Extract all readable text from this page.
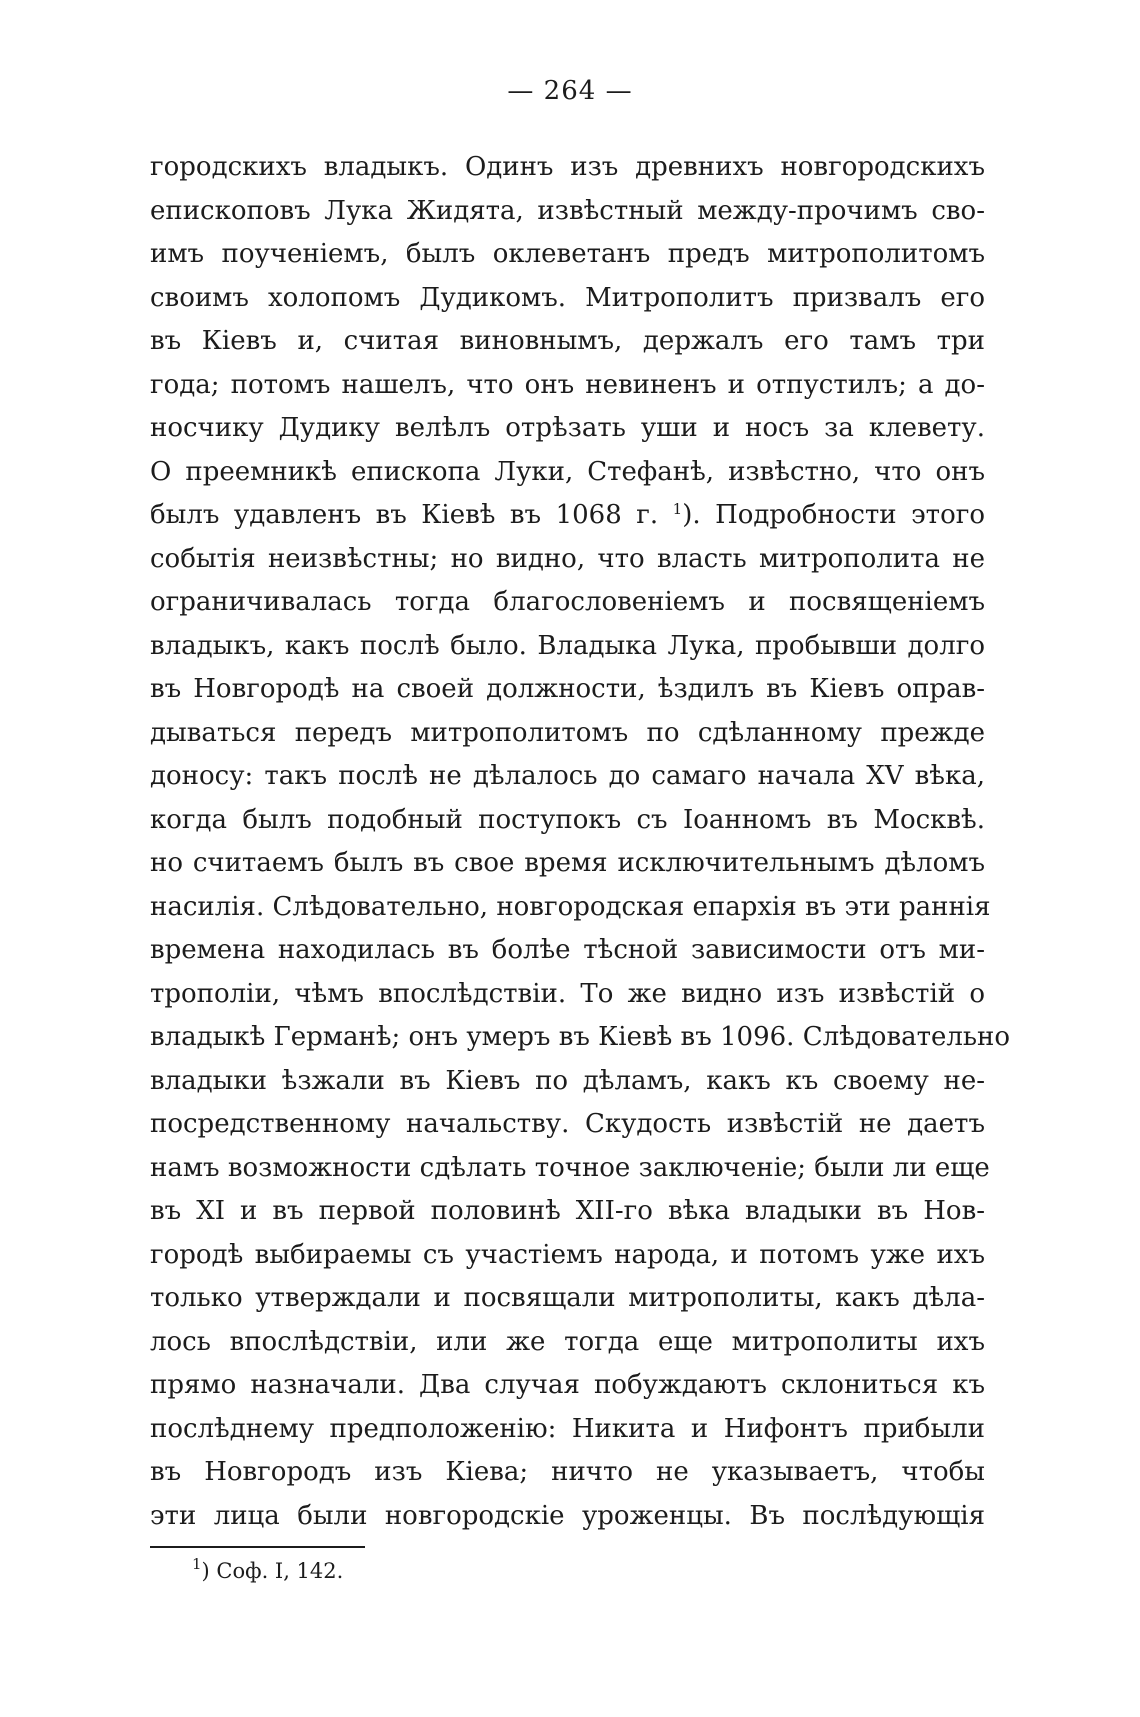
— 264 —
городскихъ владыкъ. Одинъ изъ древнихъ новгородскихъ
епископовъ Лука Жидята, извѣстный между-прочимъ сво-
имъ поученіемъ, былъ оклеветанъ предъ митрополитомъ
своимъ холопомъ Дудикомъ. Митрополитъ призвалъ его
въ Кіевъ и, считая виновнымъ, держалъ его тамъ три
года; потомъ нашелъ, что онъ невиненъ и отпустилъ; а до-
носчику Дудику велѣлъ отрѣзать уши и носъ за клевету.
О преемникѣ епископа Луки, Стефанѣ, извѣстно, что онъ
былъ удавленъ въ Кіевѣ въ 1068 г. $^1$). Подробности этого
событія неизвѣстны; но видно, что власть митрополита не
ограничивалась тогда благословеніемъ и посвященіемъ
владыкъ, какъ послѣ было. Владыка Лука, пробывши долго
въ Новгородѣ на своей должности, ѣздилъ въ Кіевъ оправ-
дываться передъ митрополитомъ по сдѣланному прежде
доносу: такъ послѣ не дѣлалось до самаго начала XV вѣка,
когда былъ подобный поступокъ съ Іоанномъ въ Москвѣ.
но считаемъ былъ въ свое время исключительнымъ дѣломъ
насилія. Слѣдовательно, новгородская епархія въ эти раннія
времена находилась въ болѣе тѣсной зависимости отъ ми-
трополіи, чѣмъ впослѣдствіи. То же видно изъ извѣстій о
владыкѣ Германѣ; онъ умеръ въ Кіевѣ въ 1096. Слѣдовательно
владыки ѣзжали въ Кіевъ по дѣламъ, какъ къ своему не-
посредственному начальству. Скудость извѣстій не даетъ
намъ возможности сдѣлать точное заключеніе; были ли еще
въ XI и въ первой половинѣ XII-го вѣка владыки въ Нов-
городѣ выбираемы съ участіемъ народа, и потомъ уже ихъ
только утверждали и посвящали митрополиты, какъ дѣла-
лось впослѣдствіи, или же тогда еще митрополиты ихъ
прямо назначали. Два случая побуждаютъ склониться къ
послѣднему предположенію: Никита и Нифонтъ прибыли
въ Новгородъ изъ Кіева; ничто не указываетъ, чтобы
эти лица были новгородскіе уроженцы. Въ послѣдующія
$^1$) Соф. I, 142.
